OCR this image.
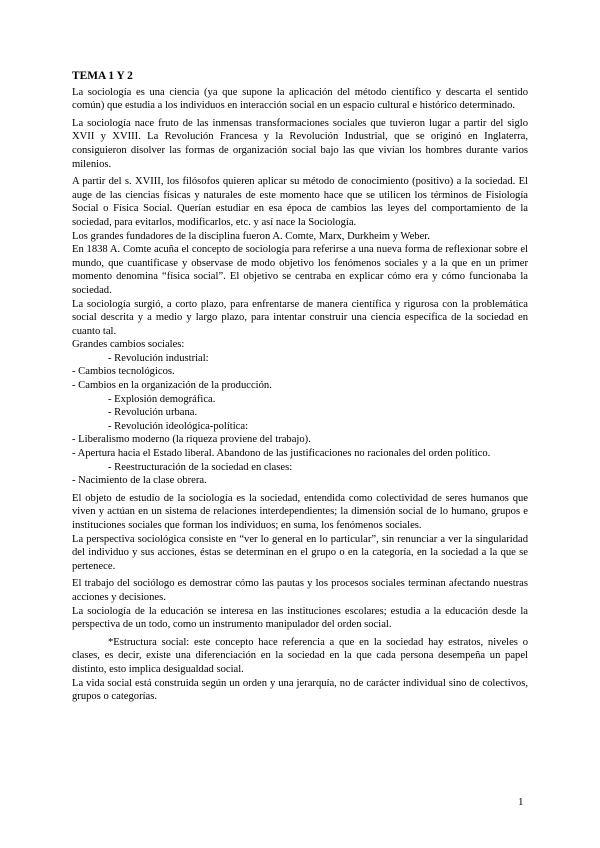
TEMA 1 Y 2

La sociología es una ciencia (ya que supone la aplicación del método científico y descarta el sentido común) que estudia a los individuos en interacción social en un espacio cultural e histórico determinado.

La sociología nace fruto de las inmensas transformaciones sociales que tuvieron lugar a partir del siglo XVII y XVIII. La Revolución Francesa y la Revolución Industrial, que se originó en Inglaterra, consiguieron disolver las formas de organización social bajo las que vivían los hombres durante varios milenios.

A partir del s. XVIII, los filósofos quieren aplicar su método de conocimiento (positivo) a la sociedad. El auge de las ciencias físicas y naturales de este momento hace que se utilicen los términos de Fisiología Social o Física Social. Querían estudiar en esa época de cambios las leyes del comportamiento de la sociedad, para evitarlos, modificarlos, etc. y así nace la Sociología.

Los grandes fundadores de la disciplina fueron A. Comte, Marx, Durkheim y Weber.

En 1838 A. Comte acuña el concepto de sociología para referirse a una nueva forma de reflexionar sobre el mundo, que cuantificase y observase de modo objetivo los fenómenos sociales y a la que en un primer momento denomina “física social”. El objetivo se centraba en explicar cómo era y cómo funcionaba la sociedad.

La sociología surgió, a corto plazo, para enfrentarse de manera científica y rigurosa con la problemática social descrita y a medio y largo plazo, para intentar construir una ciencia específica de la sociedad en cuanto tal.

Grandes cambios sociales:

- Revolución industrial:

- Cambios tecnológicos.

- Cambios en la organización de la producción.

- Explosión demográfica.

- Revolución urbana.

- Revolución ideológica-política:

- Liberalismo moderno (la riqueza proviene del trabajo).

- Apertura hacia el Estado liberal. Abandono de las justificaciones no racionales del orden político.

- Reestructuración de la sociedad en clases:

- Nacimiento de la clase obrera.

El objeto de estudio de la sociología es la sociedad, entendida como colectividad de seres humanos que viven y actúan en un sistema de relaciones interdependientes; la dimensión social de lo humano, grupos e instituciones sociales que forman los individuos; en suma, los fenómenos sociales.

La perspectiva sociológica consiste en “ver lo general en lo particular”, sin renunciar a ver la singularidad del individuo y sus acciones, éstas se determinan en el grupo o en la categoría, en la sociedad a la que se pertenece.

El trabajo del sociólogo es demostrar cómo las pautas y los procesos sociales terminan afectando nuestras acciones y decisiones.

La sociología de la educación se interesa en las instituciones escolares; estudia a la educación desde la perspectiva de un todo, como un instrumento manipulador del orden social.

*Estructura social: este concepto hace referencia a que en la sociedad hay estratos, niveles o clases, es decir, existe una diferenciación en la sociedad en la que cada persona desempeña un papel distinto, esto implica desigualdad social.

La vida social está construida según un orden y una jerarquía, no de carácter individual sino de colectivos, grupos o categorías.

1
